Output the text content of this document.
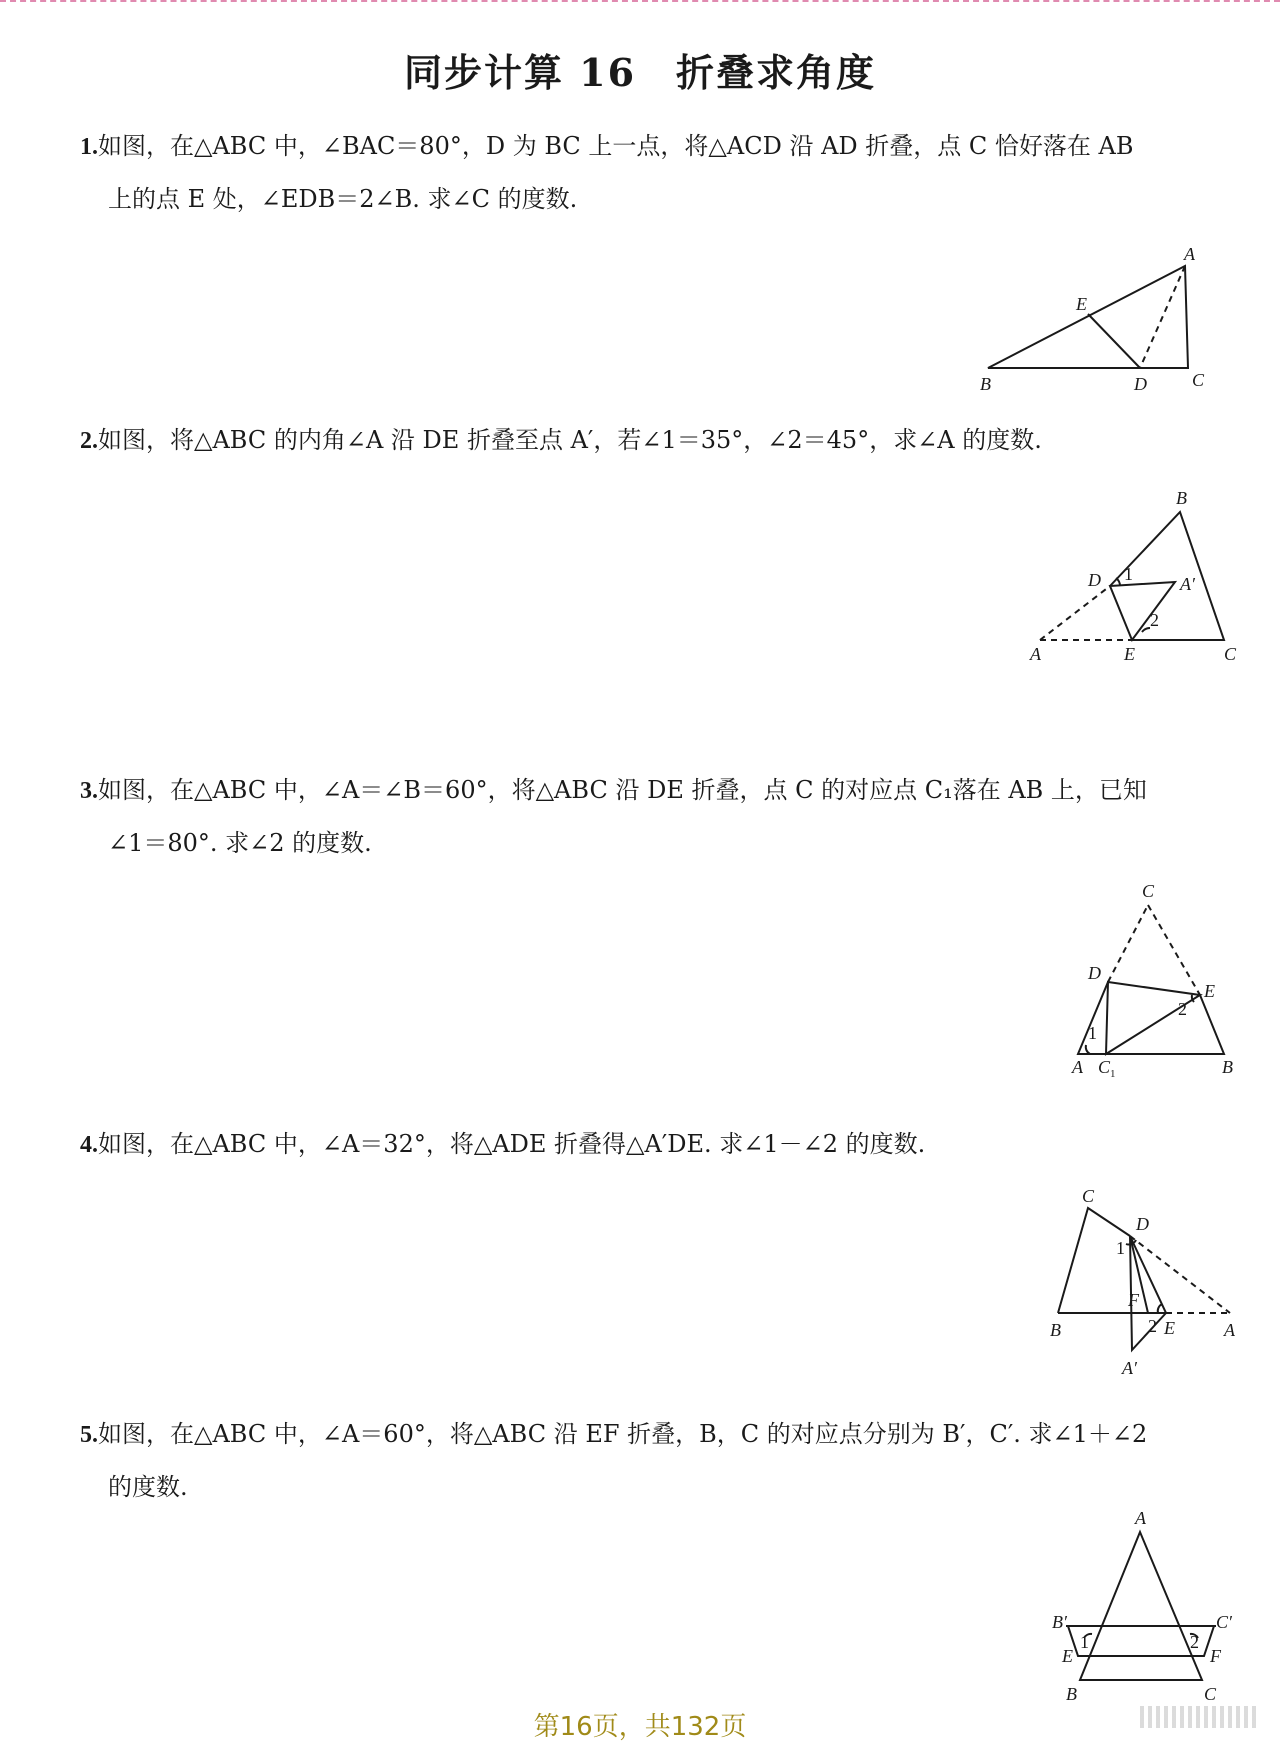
同步计算 16　折叠求角度
1.如图，在△ABC 中，∠BAC＝80°，D 为 BC 上一点，将△ACD 沿 AD 折叠，点 C 恰好落在 AB
上的点 E 处，∠EDB＝2∠B. 求∠C 的度数.
A
B	C
D
E
2.如图，将△ABC 的内角∠A 沿 DE 折叠至点 A′，若∠1＝35°，∠2＝45°，求∠A 的度数.
A
B
C
D
E
A′
1
2
3.如图，在△ABC 中，∠A＝∠B＝60°，将△ABC 沿 DE 折叠，点 C 的对应点 C₁落在 AB 上，已知
∠1＝80°. 求∠2 的度数.
A	B
C
D
E
C 1
1
2
4.如图，在△ABC 中，∠A＝32°，将△ADE 折叠得△A′DE. 求∠1－∠2 的度数.
A
B
C
D
E
F
A′
1
2
5.如图，在△ABC 中，∠A＝60°，将△ABC 沿 EF 折叠，B，C 的对应点分别为 B′，C′. 求∠1＋∠2
的度数.
A
B	C
E	F
B′	C′
1	2
第16页，共132页
